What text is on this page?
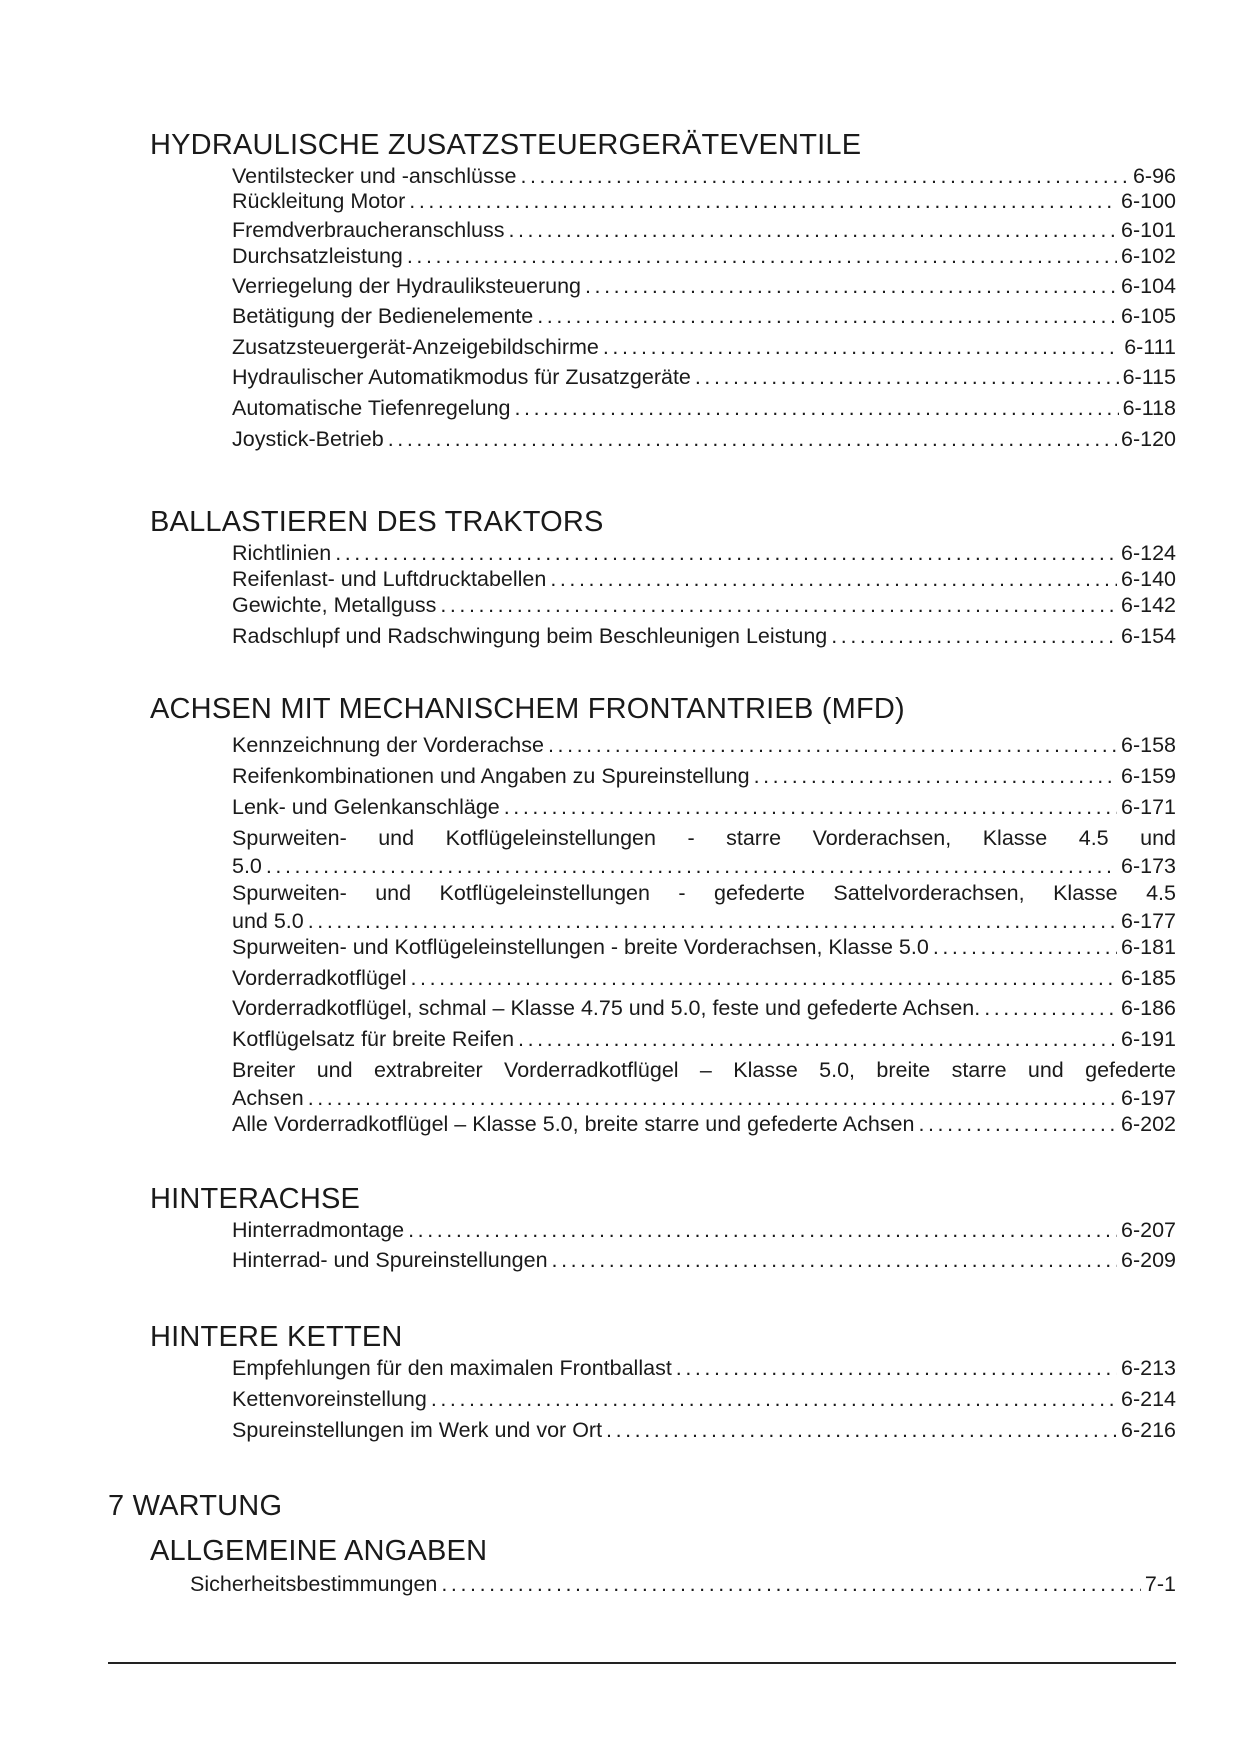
HYDRAULISCHE ZUSATZSTEUERGERÄTEVENTILE
Ventilstecker und -anschlüsse . . .	6-96
Rückleitung Motor . . .	6-100
Fremdverbraucheranschluss . . .	6-101
Durchsatzleistung . . .	6-102
Verriegelung der Hydrauliksteuerung . . .	6-104
Betätigung der Bedienelemente . . .	6-105
Zusatzsteuergerät-Anzeigebildschirme . . .	6-111
Hydraulischer Automatikmodus für Zusatzgeräte . . .	6-115
Automatische Tiefenregelung . . .	6-118
Joystick-Betrieb . . .	6-120
BALLASTIEREN DES TRAKTORS
Richtlinien . . .	6-124
Reifenlast- und Luftdrucktabellen . . .	6-140
Gewichte, Metallguss . . .	6-142
Radschlupf und Radschwingung beim Beschleunigen Leistung . . .	6-154
ACHSEN MIT MECHANISCHEM FRONTANTRIEB (MFD)
Kennzeichnung der Vorderachse . . .	6-158
Reifenkombinationen und Angaben zu Spureinstellung . . .	6-159
Lenk- und Gelenkanschläge . . .	6-171
Spurweiten- und Kotflügeleinstellungen - starre Vorderachsen, Klasse 4.5 und
5.0 . . .	6-173
Spurweiten- und Kotflügeleinstellungen - gefederte Sattelvorderachsen, Klasse 4.5
und 5.0 . . .	6-177
Spurweiten- und Kotflügeleinstellungen - breite Vorderachsen, Klasse 5.0 . . .	6-181
Vorderradkotflügel . . .	6-185
Vorderradkotflügel, schmal – Klasse 4.75 und 5.0, feste und gefederte Achsen. . . .	6-186
Kotflügelsatz für breite Reifen . . .	6-191
Breiter und extrabreiter Vorderradkotflügel – Klasse 5.0, breite starre und gefederte
Achsen . . .	6-197
Alle Vorderradkotflügel – Klasse 5.0, breite starre und gefederte Achsen . . .	6-202
HINTERACHSE
Hinterradmontage . . .	6-207
Hinterrad- und Spureinstellungen . . .	6-209
HINTERE KETTEN
Empfehlungen für den maximalen Frontballast . . .	6-213
Kettenvoreinstellung . . .	6-214
Spureinstellungen im Werk und vor Ort . . .	6-216
7 WARTUNG
ALLGEMEINE ANGABEN
Sicherheitsbestimmungen . . .	7-1
